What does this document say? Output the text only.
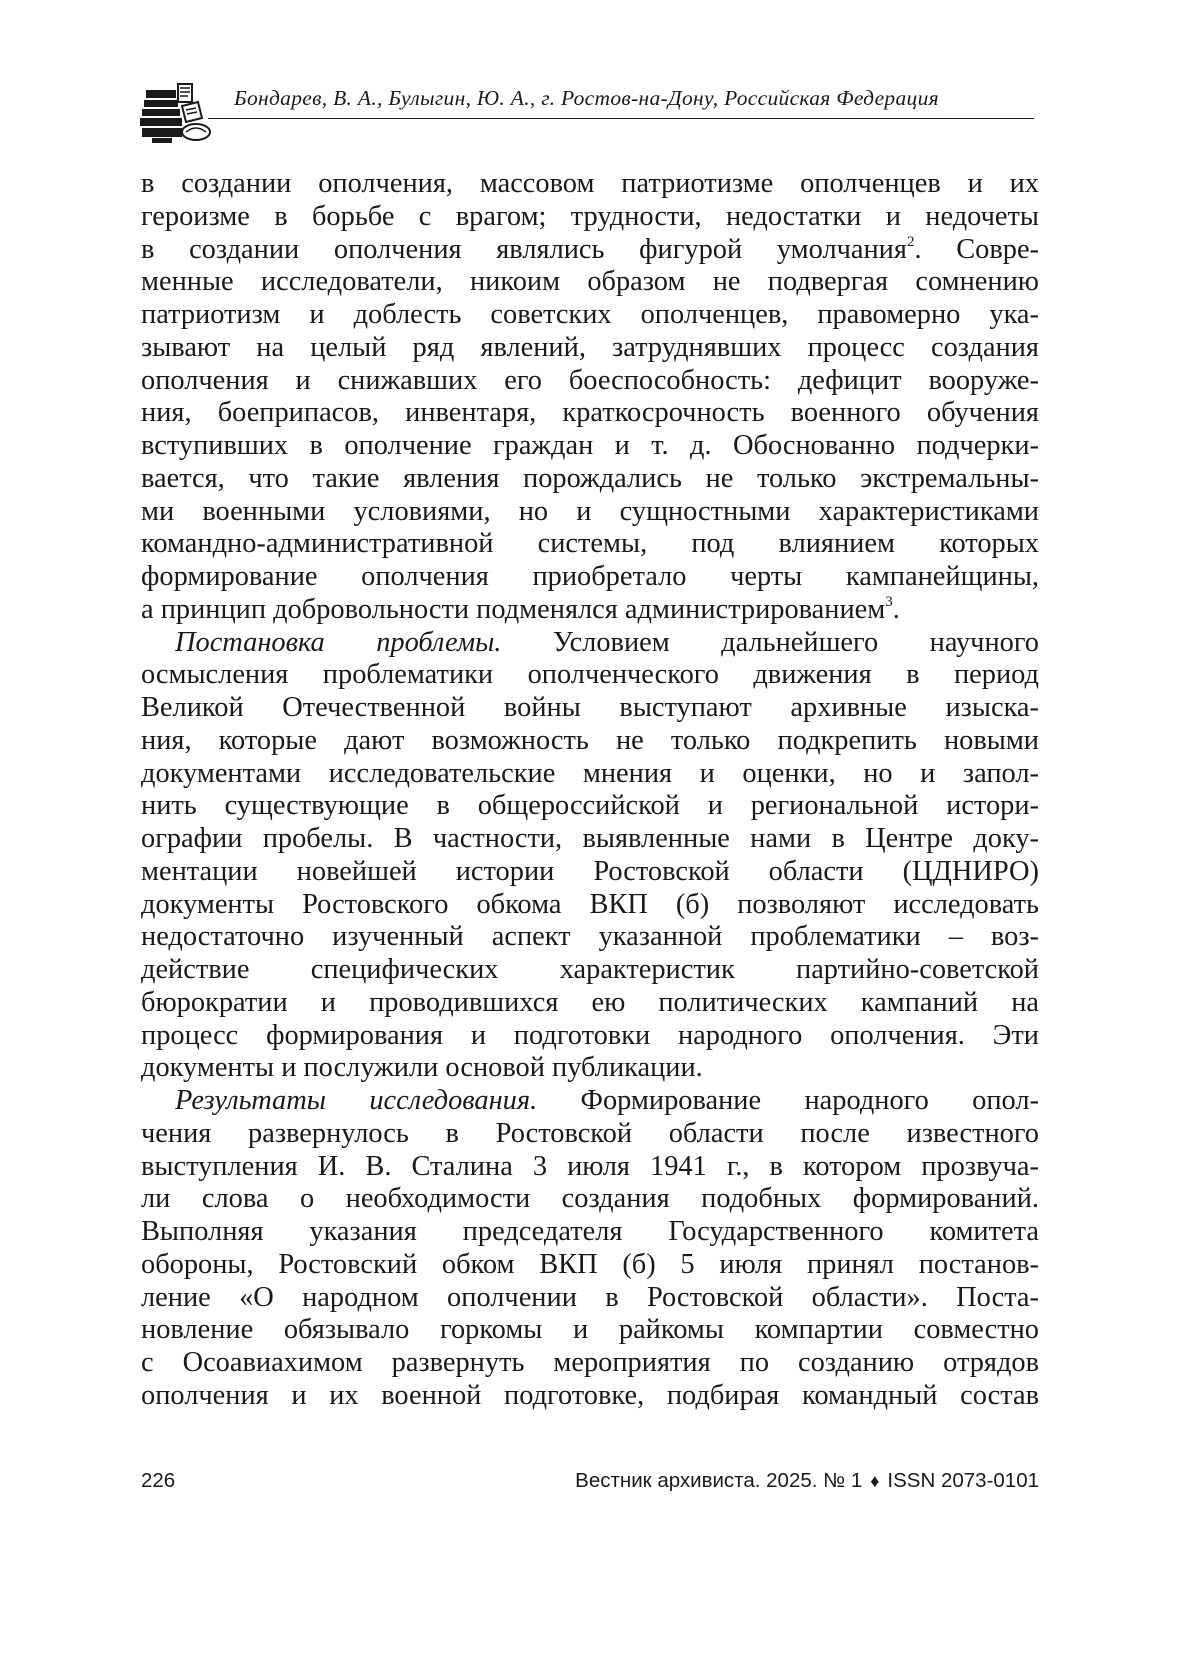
Бондарев, В. А., Булыгин, Ю. А., г. Ростов-на-Дону, Российская Федерация
в создании ополчения, массовом патриотизме ополченцев и их
героизме в борьбе с врагом; трудности, недостатки и недочеты
в создании ополчения являлись фигурой умолчания$^2$. Совре-
менные исследователи, никоим образом не подвергая сомнению
патриотизм и доблесть советских ополченцев, правомерно ука-
зывают на целый ряд явлений, затруднявших процесс создания
ополчения и снижавших его боеспособность: дефицит вооруже-
ния, боеприпасов, инвентаря, краткосрочность военного обучения
вступивших в ополчение граждан и т. д. Обоснованно подчерки-
вается, что такие явления порождались не только экстремальны-
ми военными условиями, но и сущностными характеристиками
командно-административной системы, под влиянием которых
формирование ополчения приобретало черты кампанейщины,
а принцип добровольности подменялся администрированием$^3$.
Постановка проблемы. Условием дальнейшего научного
осмысления проблематики ополченческого движения в период
Великой Отечественной войны выступают архивные изыска-
ния, которые дают возможность не только подкрепить новыми
документами исследовательские мнения и оценки, но и запол-
нить существующие в общероссийской и региональной истори-
ографии пробелы. В частности, выявленные нами в Центре доку-
ментации новейшей истории Ростовской области (ЦДНИРО)
документы Ростовского обкома ВКП (б) позволяют исследовать
недостаточно изученный аспект указанной проблематики – воз-
действие специфических характеристик партийно-советской
бюрократии и проводившихся ею политических кампаний на
процесс формирования и подготовки народного ополчения. Эти
документы и послужили основой публикации.
Результаты исследования. Формирование народного опол-
чения развернулось в Ростовской области после известного
выступления И. В. Сталина 3 июля 1941 г., в котором прозвуча-
ли слова о необходимости создания подобных формирований.
Выполняя указания председателя Государственного комитета
обороны, Ростовский обком ВКП (б) 5 июля принял постанов-
ление «О народном ополчении в Ростовской области». Поста-
новление обязывало горкомы и райкомы компартии совместно
с Осоавиахимом развернуть мероприятия по созданию отрядов
ополчения и их военной подготовке, подбирая командный состав
226	Вестник архивиста. 2025. № 1 ♦ ISSN 2073-0101
